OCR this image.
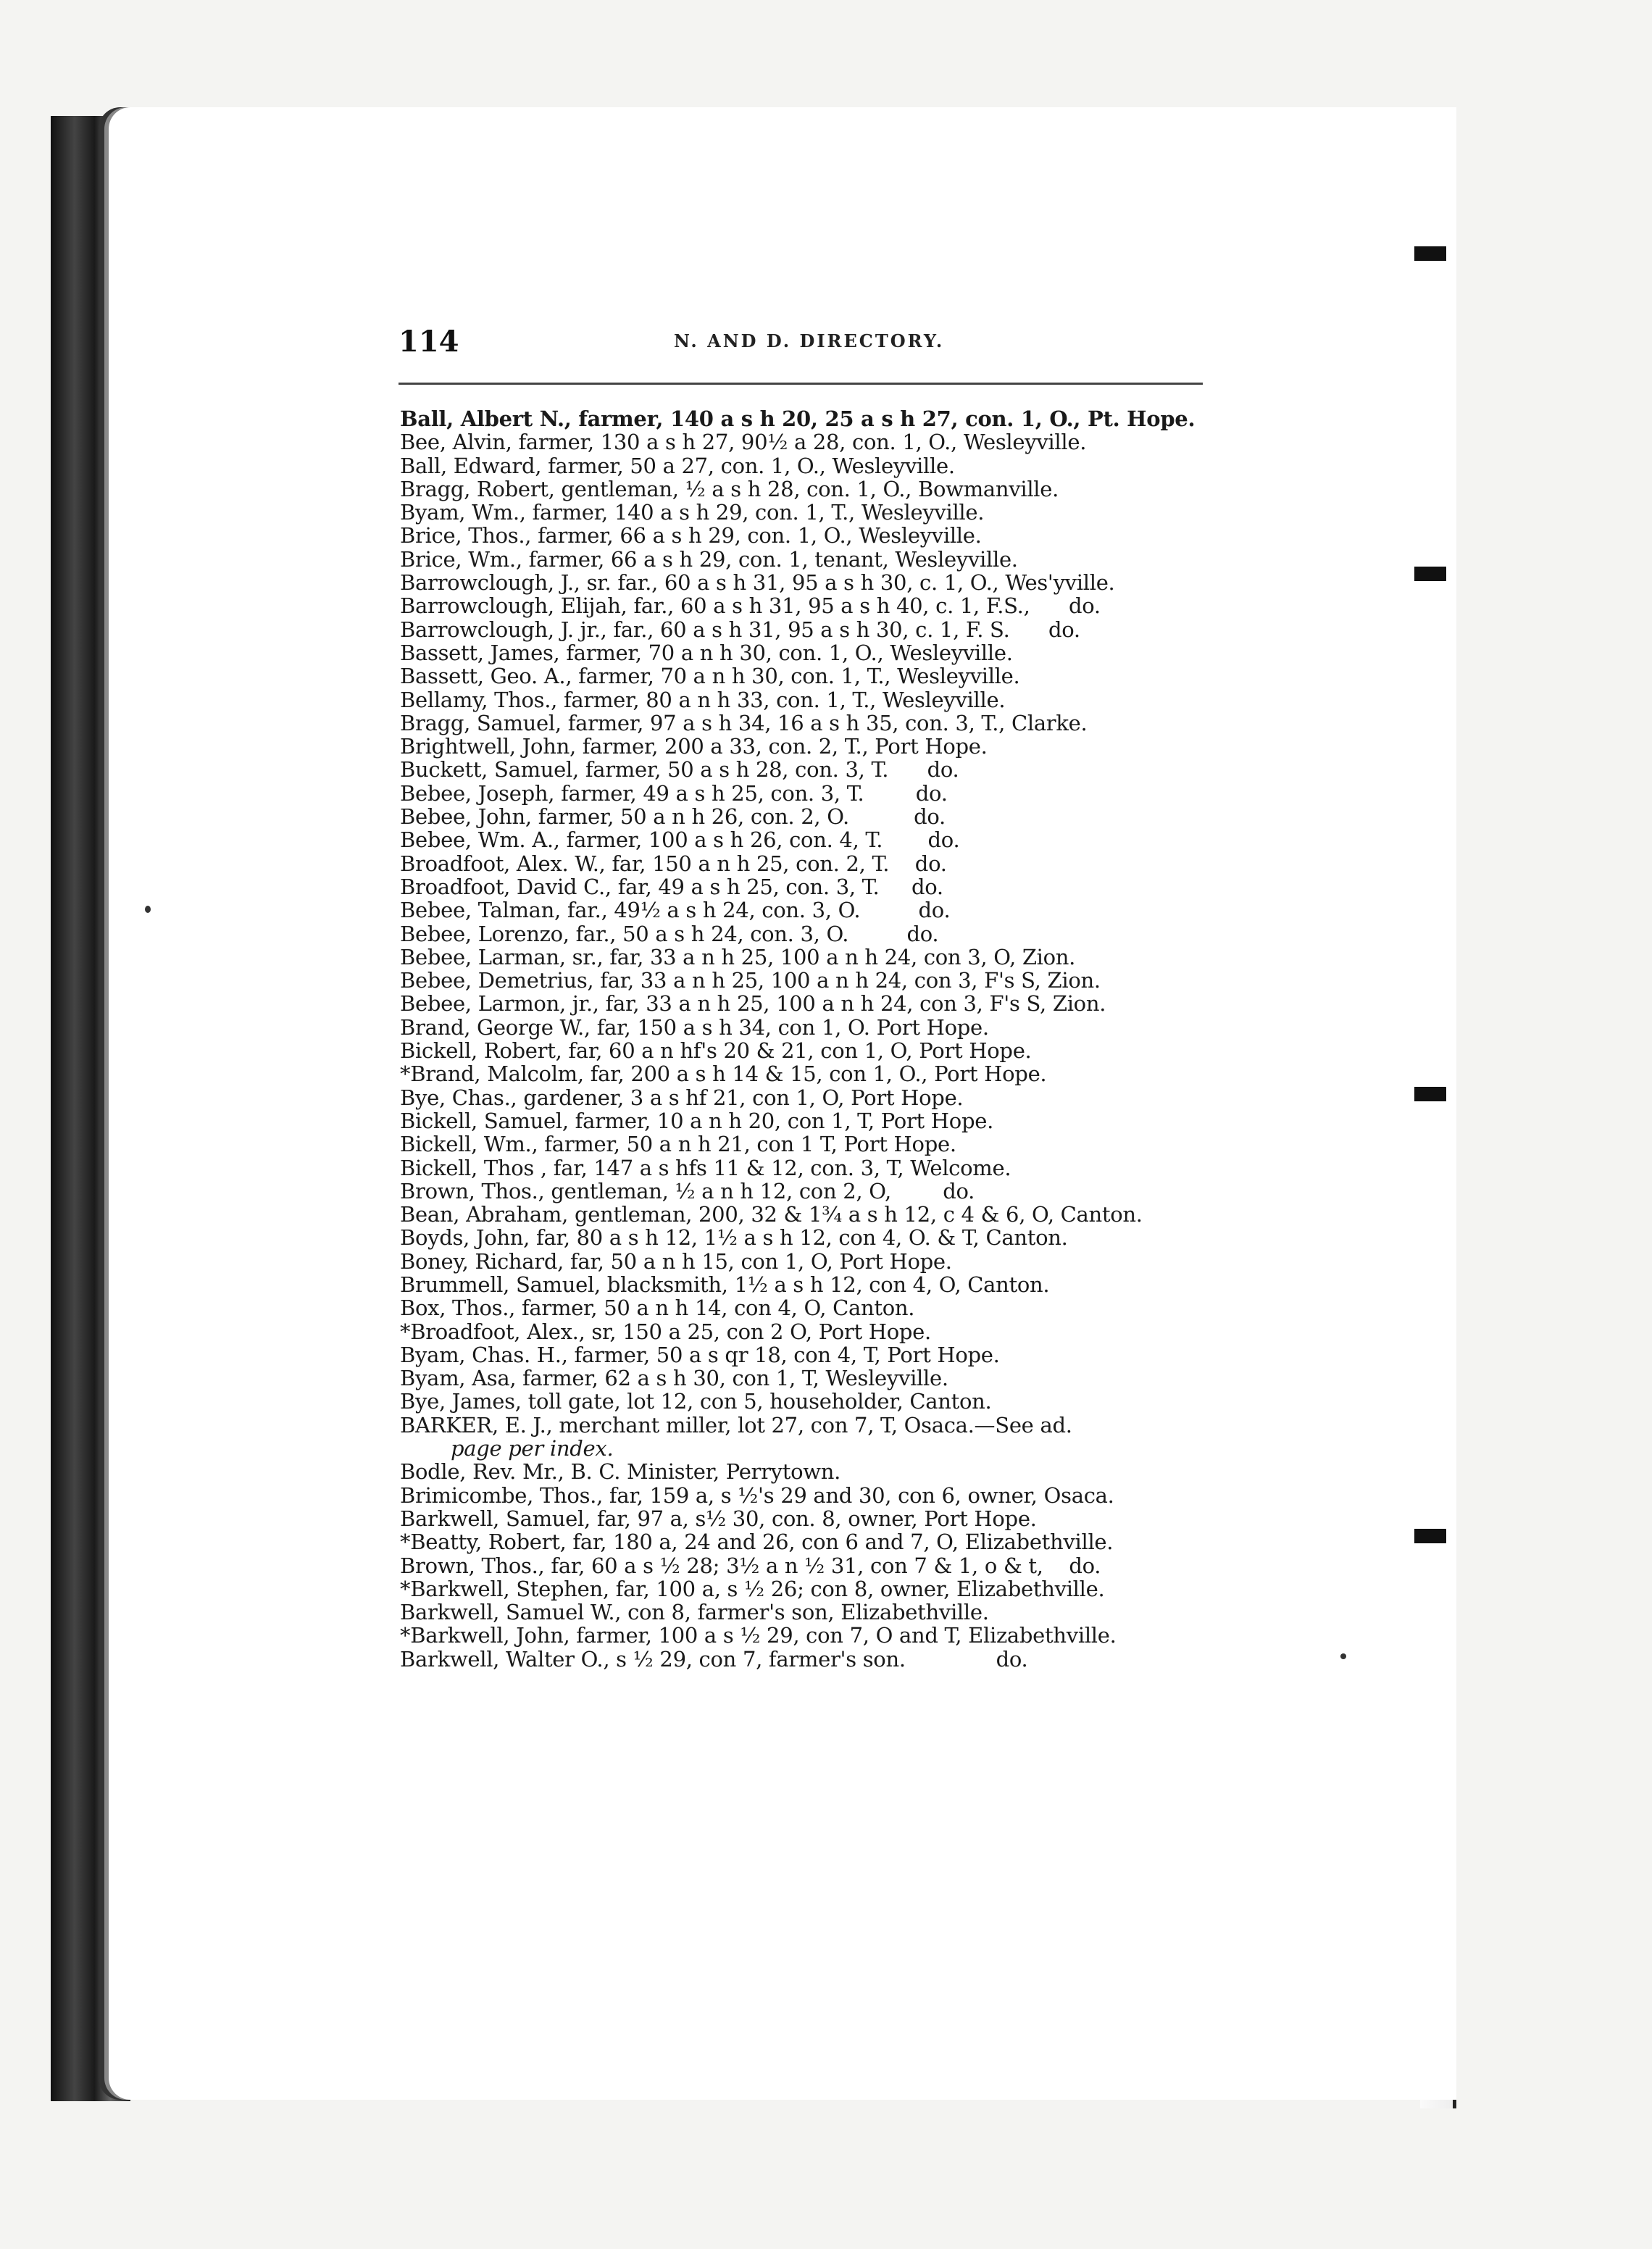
114	N. AND D. DIRECTORY.
Ball, Albert N., farmer, 140 a s h 20, 25 a s h 27, con. 1, O., Pt. Hope.
Bee, Alvin, farmer, 130 a s h 27, 90½ a 28, con. 1, O., Wesleyville.
Ball, Edward, farmer, 50 a 27, con. 1, O., Wesleyville.
Bragg, Robert, gentleman, ½ a s h 28, con. 1, O., Bowmanville.
Byam, Wm., farmer, 140 a s h 29, con. 1, T., Wesleyville.
Brice, Thos., farmer, 66 a s h 29, con. 1, O., Wesleyville.
Brice, Wm., farmer, 66 a s h 29, con. 1, tenant, Wesleyville.
Barrowclough, J., sr. far., 60 a s h 31, 95 a s h 30, c. 1, O., Wes'yville.
Barrowclough, Elijah, far., 60 a s h 31, 95 a s h 40, c. 1, F.S.,      do.
Barrowclough, J. jr., far., 60 a s h 31, 95 a s h 30, c. 1, F. S.      do.
Bassett, James, farmer, 70 a n h 30, con. 1, O., Wesleyville.
Bassett, Geo. A., farmer, 70 a n h 30, con. 1, T., Wesleyville.
Bellamy, Thos., farmer, 80 a n h 33, con. 1, T., Wesleyville.
Bragg, Samuel, farmer, 97 a s h 34, 16 a s h 35, con. 3, T., Clarke.
Brightwell, John, farmer, 200 a 33, con. 2, T., Port Hope.
Buckett, Samuel, farmer, 50 a s h 28, con. 3, T.      do.
Bebee, Joseph, farmer, 49 a s h 25, con. 3, T.        do.
Bebee, John, farmer, 50 a n h 26, con. 2, O.          do.
Bebee, Wm. A., farmer, 100 a s h 26, con. 4, T.       do.
Broadfoot, Alex. W., far, 150 a n h 25, con. 2, T.    do.
Broadfoot, David C., far, 49 a s h 25, con. 3, T.     do.
Bebee, Talman, far., 49½ a s h 24, con. 3, O.         do.
Bebee, Lorenzo, far., 50 a s h 24, con. 3, O.         do.
Bebee, Larman, sr., far, 33 a n h 25, 100 a n h 24, con 3, O, Zion.
Bebee, Demetrius, far, 33 a n h 25, 100 a n h 24, con 3, F's S, Zion.
Bebee, Larmon, jr., far, 33 a n h 25, 100 a n h 24, con 3, F's S, Zion.
Brand, George W., far, 150 a s h 34, con 1, O. Port Hope.
Bickell, Robert, far, 60 a n hf's 20 & 21, con 1, O, Port Hope.
*Brand, Malcolm, far, 200 a s h 14 & 15, con 1, O., Port Hope.
Bye, Chas., gardener, 3 a s hf 21, con 1, O, Port Hope.
Bickell, Samuel, farmer, 10 a n h 20, con 1, T, Port Hope.
Bickell, Wm., farmer, 50 a n h 21, con 1 T, Port Hope.
Bickell, Thos , far, 147 a s hfs 11 & 12, con. 3, T, Welcome.
Brown, Thos., gentleman, ½ a n h 12, con 2, O,        do.
Bean, Abraham, gentleman, 200, 32 & 1¾ a s h 12, c 4 & 6, O, Canton.
Boyds, John, far, 80 a s h 12, 1½ a s h 12, con 4, O. & T, Canton.
Boney, Richard, far, 50 a n h 15, con 1, O, Port Hope.
Brummell, Samuel, blacksmith, 1½ a s h 12, con 4, O, Canton.
Box, Thos., farmer, 50 a n h 14, con 4, O, Canton.
*Broadfoot, Alex., sr, 150 a 25, con 2 O, Port Hope.
Byam, Chas. H., farmer, 50 a s qr 18, con 4, T, Port Hope.
Byam, Asa, farmer, 62 a s h 30, con 1, T, Wesleyville.
Bye, James, toll gate, lot 12, con 5, householder, Canton.
BARKER, E. J., merchant miller, lot 27, con 7, T, Osaca.—See ad.
page per index.
Bodle, Rev. Mr., B. C. Minister, Perrytown.
Brimicombe, Thos., far, 159 a, s ½'s 29 and 30, con 6, owner, Osaca.
Barkwell, Samuel, far, 97 a, s½ 30, con. 8, owner, Port Hope.
*Beatty, Robert, far, 180 a, 24 and 26, con 6 and 7, O, Elizabethville.
Brown, Thos., far, 60 a s ½ 28; 3½ a n ½ 31, con 7 & 1, o & t,    do.
*Barkwell, Stephen, far, 100 a, s ½ 26; con 8, owner, Elizabethville.
Barkwell, Samuel W., con 8, farmer's son, Elizabethville.
*Barkwell, John, farmer, 100 a s ½ 29, con 7, O and T, Elizabethville.
Barkwell, Walter O., s ½ 29, con 7, farmer's son.              do.
